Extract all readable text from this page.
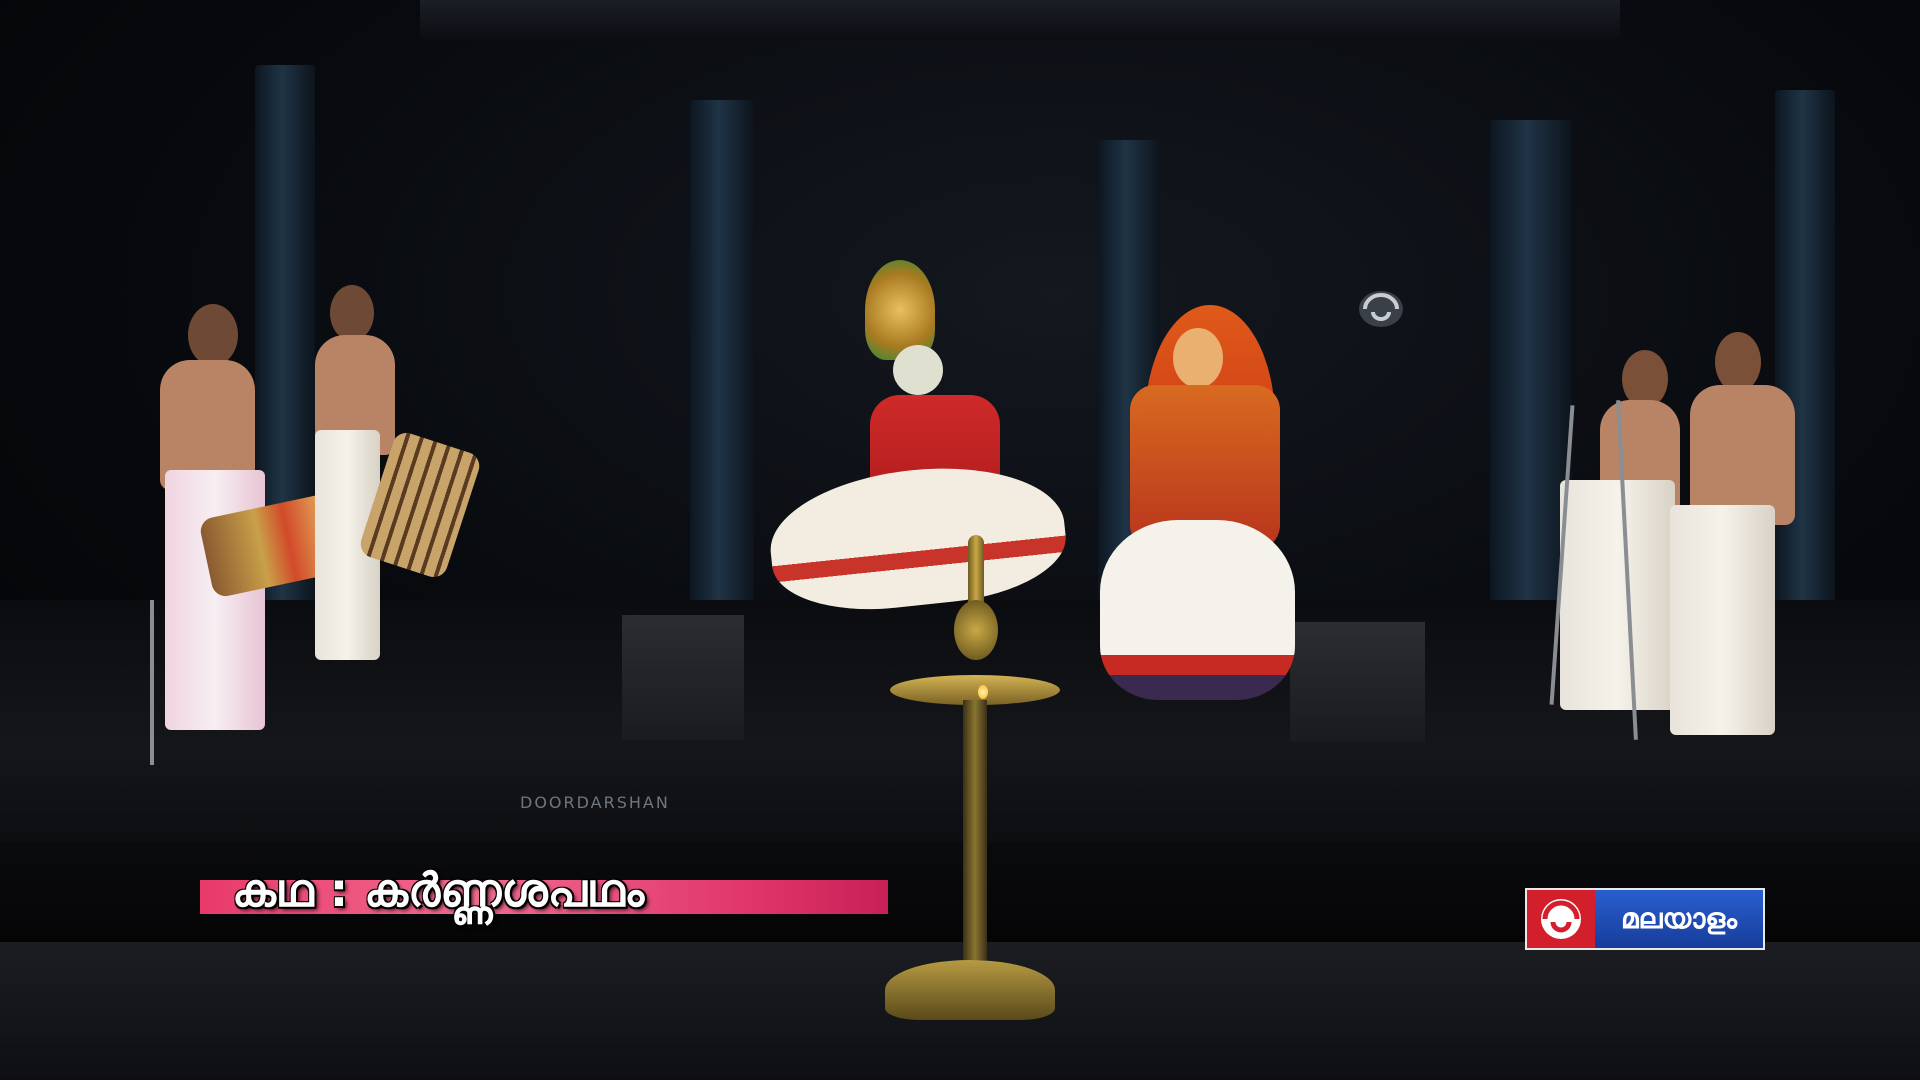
DOORDARSHAN
കഥ : കർണ്ണശപഥം
മലയാളം
